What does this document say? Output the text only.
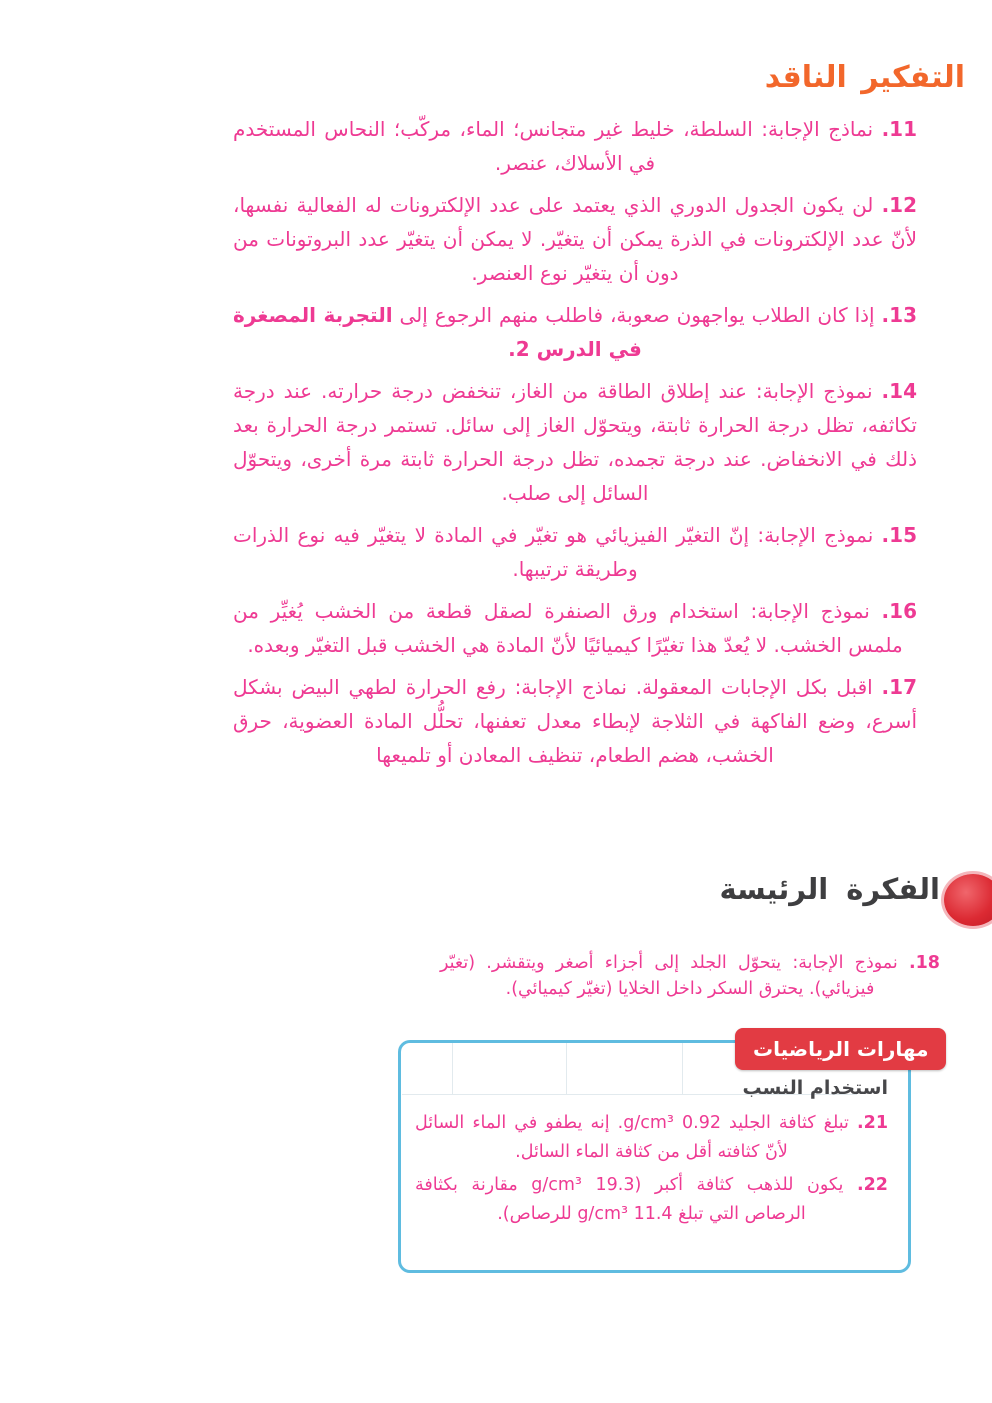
التفكير الناقد

11. نماذج الإجابة: السلطة، خليط غير متجانس؛ الماء، مركّب؛ النحاس المستخدم في الأسلاك، عنصر.

12. لن يكون الجدول الدوري الذي يعتمد على عدد الإلكترونات له الفعالية نفسها، لأنّ عدد الإلكترونات في الذرة يمكن أن يتغيّر. لا يمكن أن يتغيّر عدد البروتونات من دون أن يتغيّر نوع العنصر.

13. إذا كان الطلاب يواجهون صعوبة، فاطلب منهم الرجوع إلى التجربة المصغرة في الدرس 2.

14. نموذج الإجابة: عند إطلاق الطاقة من الغاز، تنخفض درجة حرارته. عند درجة تكاثفه، تظل درجة الحرارة ثابتة، ويتحوّل الغاز إلى سائل. تستمر درجة الحرارة بعد ذلك في الانخفاض. عند درجة تجمده، تظل درجة الحرارة ثابتة مرة أخرى، ويتحوّل السائل إلى صلب.

15. نموذج الإجابة: إنّ التغيّر الفيزيائي هو تغيّر في المادة لا يتغيّر فيه نوع الذرات وطريقة ترتيبها.

16. نموذج الإجابة: استخدام ورق الصنفرة لصقل قطعة من الخشب يُغيِّر من ملمس الخشب. لا يُعدّ هذا تغيّرًا كيميائيًا لأنّ المادة هي الخشب قبل التغيّر وبعده.

17. اقبل بكل الإجابات المعقولة. نماذج الإجابة: رفع الحرارة لطهي البيض بشكل أسرع، وضع الفاكهة في الثلاجة لإبطاء معدل تعفنها، تحلُّل المادة العضوية، حرق الخشب، هضم الطعام، تنظيف المعادن أو تلميعها

الفكرة الرئيسة

18. نموذج الإجابة: يتحوّل الجلد إلى أجزاء أصغر ويتقشر. (تغيّر فيزيائي). يحترق السكر داخل الخلايا (تغيّر كيميائي).

مهارات الرياضيات
استخدام النسب

21. تبلغ كثافة الجليد 0.92 g/cm³. إنه يطفو في الماء السائل لأنّ كثافته أقل من كثافة الماء السائل.

22. يكون للذهب كثافة أكبر (19.3 g/cm³ مقارنة بكثافة الرصاص التي تبلغ 11.4 g/cm³ للرصاص).
